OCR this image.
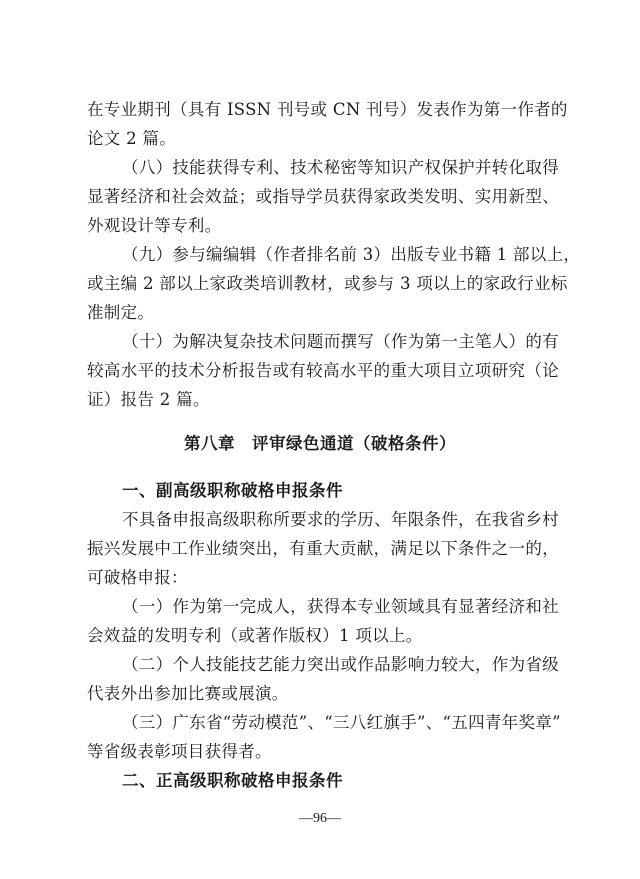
在专业期刊（具有 ISSN 刊号或 CN 刊号）发表作为第一作者的
论文 2 篇。
（八）技能获得专利、技术秘密等知识产权保护并转化取得
显著经济和社会效益；或指导学员获得家政类发明、实用新型、
外观设计等专利。
（九）参与编编辑（作者排名前 3）出版专业书籍 1 部以上，
或主编 2 部以上家政类培训教材，或参与 3 项以上的家政行业标
准制定。
（十）为解决复杂技术问题而撰写（作为第一主笔人）的有
较高水平的技术分析报告或有较高水平的重大项目立项研究（论
证）报告 2 篇。
第八章　评审绿色通道（破格条件）
一、副高级职称破格申报条件
不具备申报高级职称所要求的学历、年限条件，在我省乡村
振兴发展中工作业绩突出，有重大贡献，满足以下条件之一的，
可破格申报：
（一）作为第一完成人，获得本专业领域具有显著经济和社
会效益的发明专利（或著作版权）1 项以上。
（二）个人技能技艺能力突出或作品影响力较大，作为省级
代表外出参加比赛或展演。
（三）广东省“劳动模范”、“三八红旗手”、“五四青年奖章”
等省级表彰项目获得者。
二、正高级职称破格申报条件
—96—
